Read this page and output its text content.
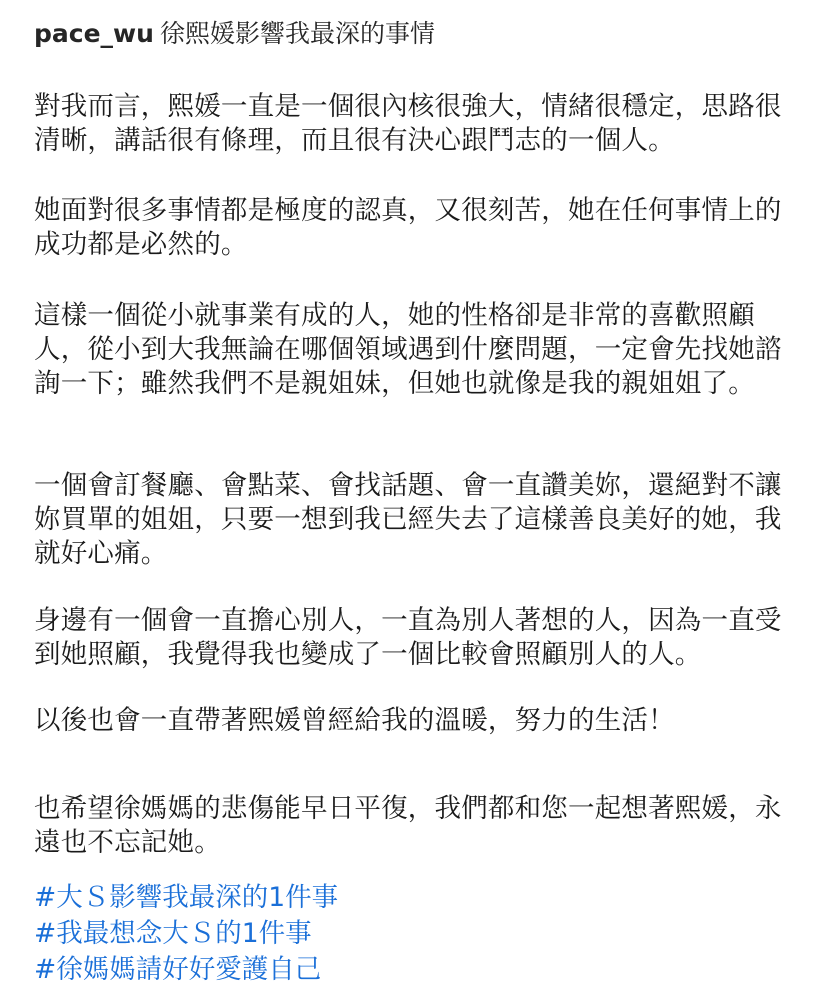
pace_wu 徐熙媛影響我最深的事情

對我而言，熙媛一直是一個很內核很強大，情緒很穩定，思路很清晰，講話很有條理，而且很有決心跟鬥志的一個人。

她面對很多事情都是極度的認真，又很刻苦，她在任何事情上的成功都是必然的。

這樣一個從小就事業有成的人，她的性格卻是非常的喜歡照顧人，從小到大我無論在哪個領域遇到什麼問題，一定會先找她諮詢一下；雖然我們不是親姐妹，但她也就像是我的親姐姐了。

一個會訂餐廳、會點菜、會找話題、會一直讚美妳，還絕對不讓妳買單的姐姐，只要一想到我已經失去了這樣善良美好的她，我就好心痛。

身邊有一個會一直擔心別人，一直為別人著想的人，因為一直受到她照顧，我覺得我也變成了一個比較會照顧別人的人。

以後也會一直帶著熙媛曾經給我的溫暖，努力的生活！

也希望徐媽媽的悲傷能早日平復，我們都和您一起想著熙媛，永遠也不忘記她。

#大Ｓ影響我最深的1件事
#我最想念大Ｓ的1件事
#徐媽媽請好好愛護自己
